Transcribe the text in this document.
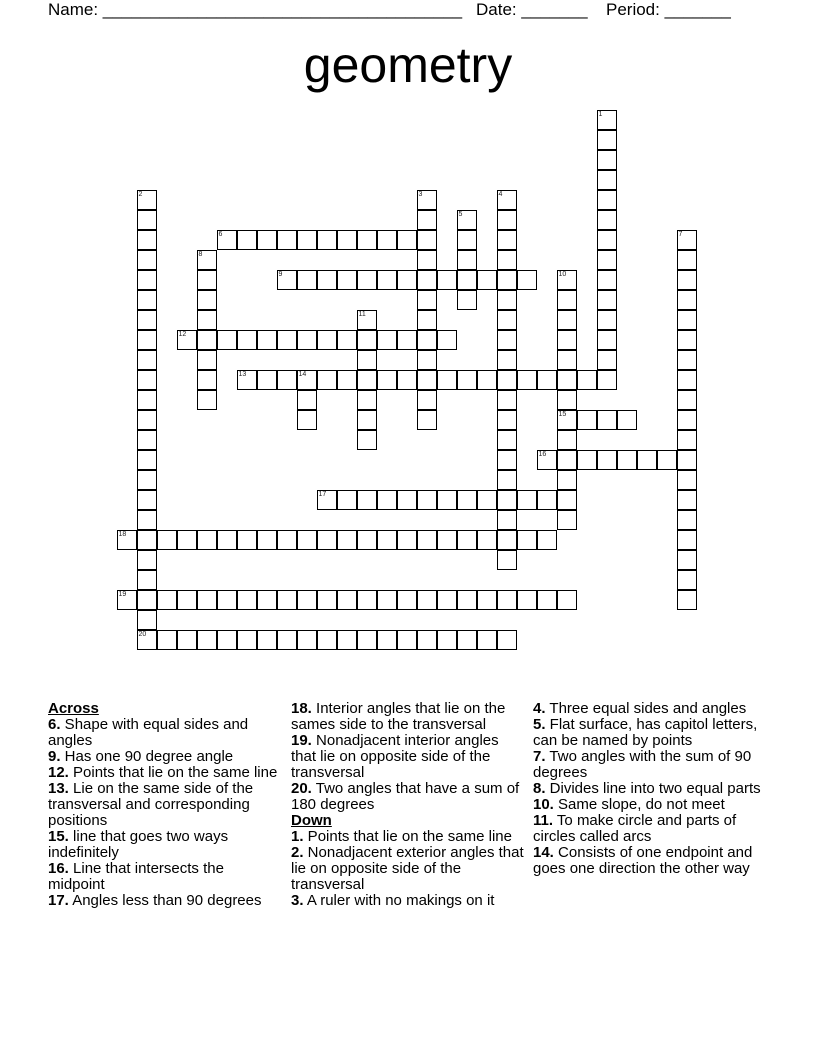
Name: ______________________________________ Date: _______ Period: _______
geometry
1
2
20
3	4
5
6	7
8
9	10
15
11
12
13	14
16
17
18
19
Across
6. Shape with equal sides and angles
9. Has one 90 degree angle
12. Points that lie on the same line
13. Lie on the same side of the transversal and corresponding positions
15. line that goes two ways indefinitely
16. Line that intersects the midpoint
17. Angles less than 90 degrees
18. Interior angles that lie on the sames side to the transversal
19. Nonadjacent interior angles that lie on opposite side of the transversal
20. Two angles that have a sum of 180 degrees
Down
1. Points that lie on the same line
2. Nonadjacent exterior angles that lie on opposite side of the transversal
3. A ruler with no makings on it
4. Three equal sides and angles
5. Flat surface, has capitol letters, can be named by points
7. Two angles with the sum of 90 degrees
8. Divides line into two equal parts
10. Same slope, do not meet
11. To make circle and parts of circles called arcs
14. Consists of one endpoint and goes one direction the other way
